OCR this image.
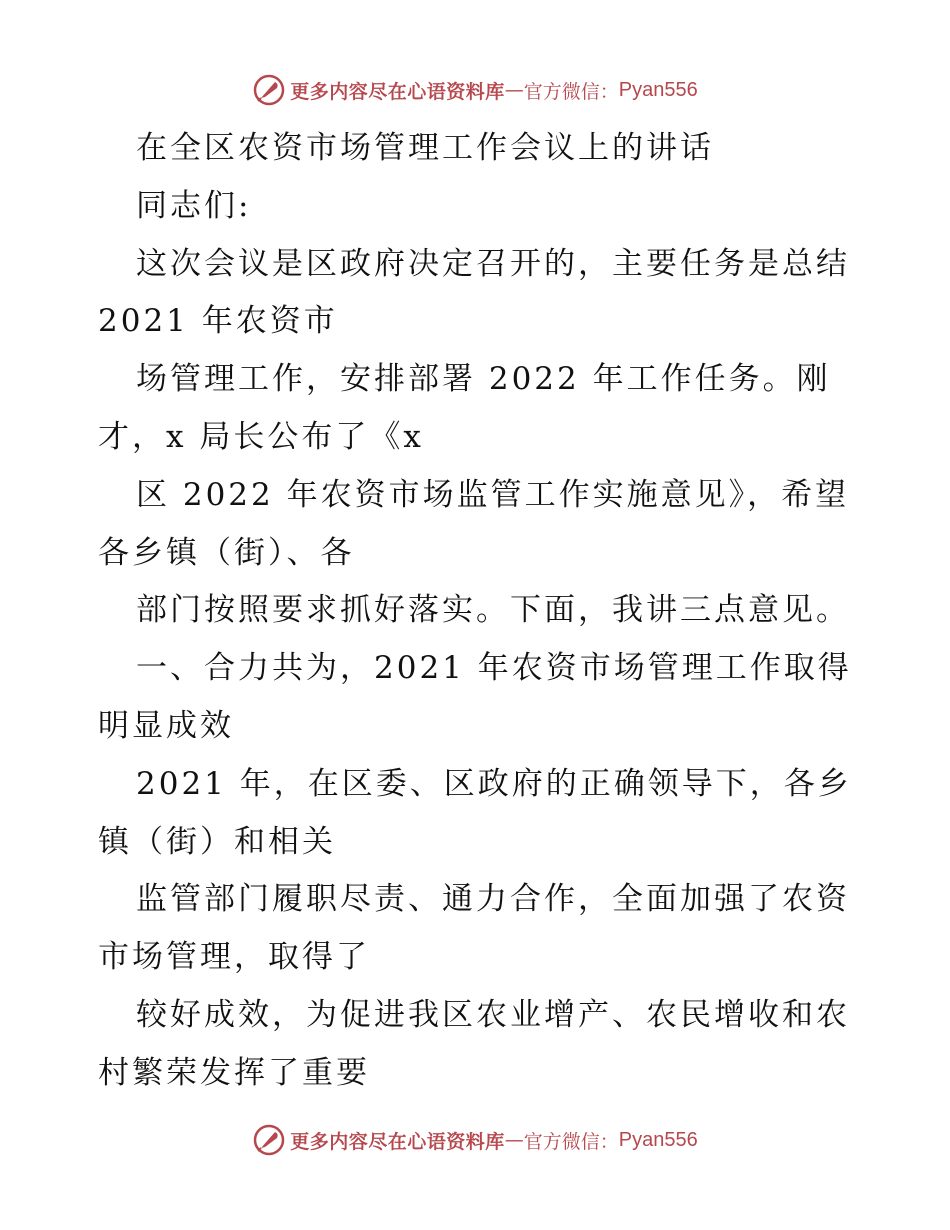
更多内容尽在心语资料库 — 官方微信： Pyan556
在全区农资市场管理工作会议上的讲话
同志们:
这次会议是区政府决定召开的，主要任务是总结
2021 年农资市
场管理工作，安排部署 2022 年工作任务。刚
才，x 局长公布了《x
区 2022 年农资市场监管工作实施意见》，希望
各乡镇（街）、各
部门按照要求抓好落实。下面，我讲三点意见。
一、合力共为，2021 年农资市场管理工作取得
明显成效
2021 年，在区委、区政府的正确领导下，各乡
镇（街）和相关
监管部门履职尽责、通力合作，全面加强了农资
市场管理，取得了
较好成效，为促进我区农业增产、农民增收和农
村繁荣发挥了重要
更多内容尽在心语资料库 — 官方微信： Pyan556
